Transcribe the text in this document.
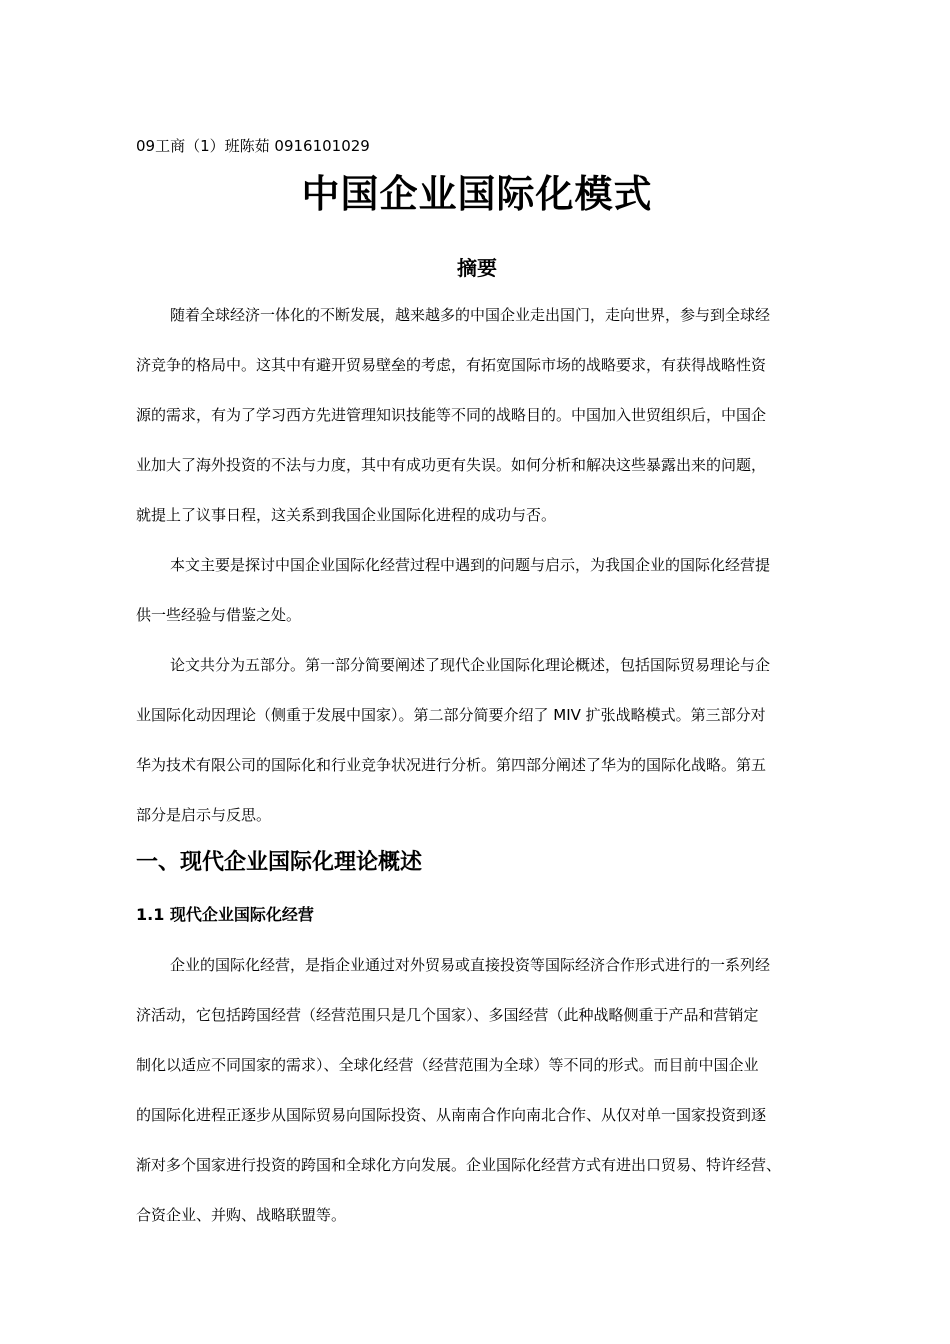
09工商（1）班陈茹 0916101029
中国企业国际化模式
摘要
随着全球经济一体化的不断发展，越来越多的中国企业走出国门，走向世界，参与到全球经
济竞争的格局中。这其中有避开贸易壁垒的考虑，有拓宽国际市场的战略要求，有获得战略性资
源的需求，有为了学习西方先进管理知识技能等不同的战略目的。中国加入世贸组织后，中国企
业加大了海外投资的不法与力度，其中有成功更有失误。如何分析和解决这些暴露出来的问题，
就提上了议事日程，这关系到我国企业国际化进程的成功与否。
本文主要是探讨中国企业国际化经营过程中遇到的问题与启示，为我国企业的国际化经营提
供一些经验与借鉴之处。
论文共分为五部分。第一部分简要阐述了现代企业国际化理论概述，包括国际贸易理论与企
业国际化动因理论（侧重于发展中国家）。第二部分简要介绍了 MIV 扩张战略模式。第三部分对
华为技术有限公司的国际化和行业竞争状况进行分析。第四部分阐述了华为的国际化战略。第五
部分是启示与反思。
一、现代企业国际化理论概述
1.1 现代企业国际化经营
企业的国际化经营，是指企业通过对外贸易或直接投资等国际经济合作形式进行的一系列经
济活动，它包括跨国经营（经营范围只是几个国家）、多国经营（此种战略侧重于产品和营销定
制化以适应不同国家的需求）、全球化经营（经营范围为全球）等不同的形式。而目前中国企业
的国际化进程正逐步从国际贸易向国际投资、从南南合作向南北合作、从仅对单一国家投资到逐
渐对多个国家进行投资的跨国和全球化方向发展。企业国际化经营方式有进出口贸易、特许经营、
合资企业、并购、战略联盟等。
